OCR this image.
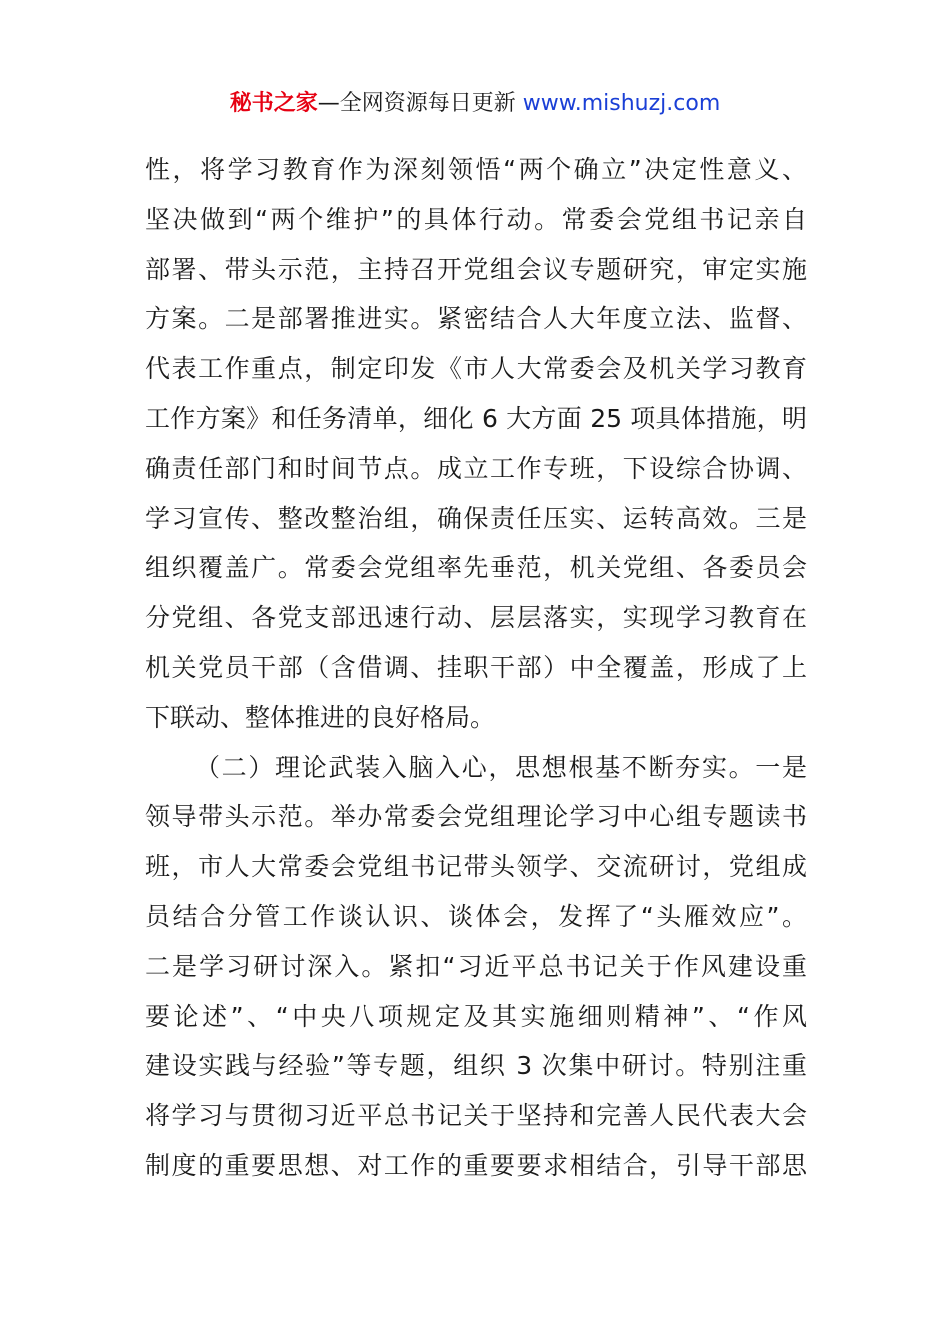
秘书之家—全网资源每日更新 www.mishuzj.com
性，将学习教育作为深刻领悟“两个确立”决定性意义、
坚决做到“两个维护”的具体行动。常委会党组书记亲自
部署、带头示范，主持召开党组会议专题研究，审定实施
方案。二是部署推进实。紧密结合人大年度立法、监督、
代表工作重点，制定印发《市人大常委会及机关学习教育
工作方案》和任务清单，细化 6 大方面 25 项具体措施，明
确责任部门和时间节点。成立工作专班，下设综合协调、
学习宣传、整改整治组，确保责任压实、运转高效。三是
组织覆盖广。常委会党组率先垂范，机关党组、各委员会
分党组、各党支部迅速行动、层层落实，实现学习教育在
机关党员干部（含借调、挂职干部）中全覆盖，形成了上
下联动、整体推进的良好格局。
（二）理论武装入脑入心，思想根基不断夯实。一是
领导带头示范。举办常委会党组理论学习中心组专题读书
班，市人大常委会党组书记带头领学、交流研讨，党组成
员结合分管工作谈认识、谈体会，发挥了“头雁效应”。
二是学习研讨深入。紧扣“习近平总书记关于作风建设重
要论述”、“中央八项规定及其实施细则精神”、“作风
建设实践与经验”等专题，组织 3 次集中研讨。特别注重
将学习与贯彻习近平总书记关于坚持和完善人民代表大会
制度的重要思想、对工作的重要要求相结合，引导干部思
